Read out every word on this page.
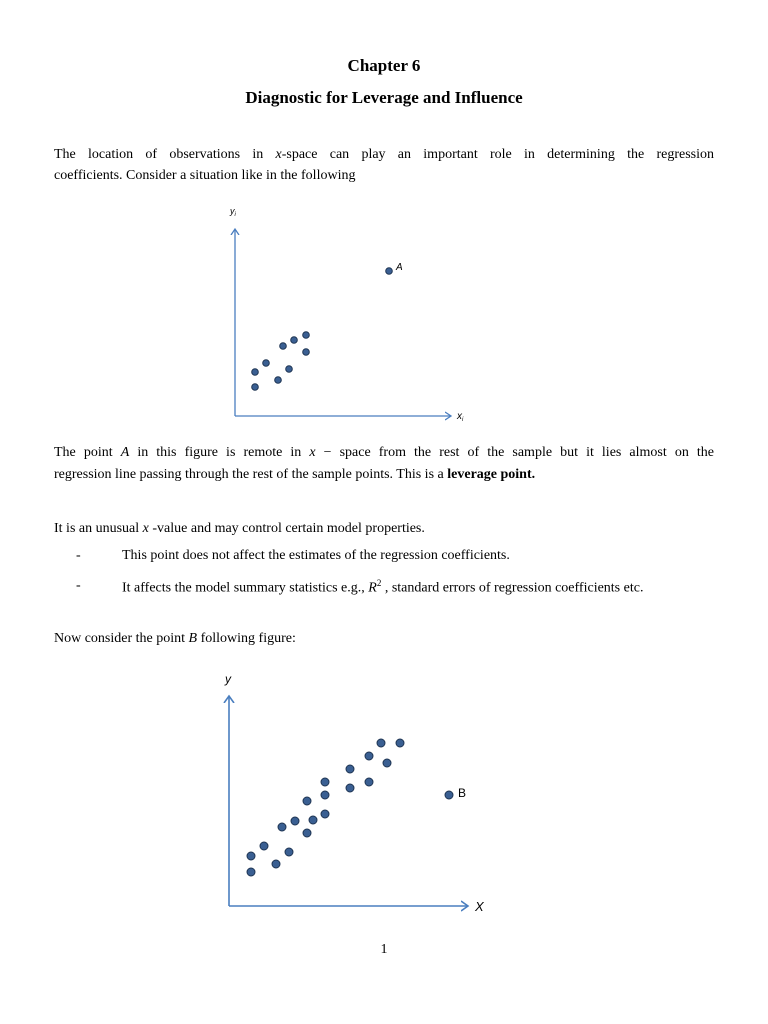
Chapter 6
Diagnostic for Leverage and Influence
The location of observations in x-space can play an important role in determining the regression
coefficients. Consider a situation like in the following
$y_i$
$x_i$
A
y
X
B
The point A in this figure is remote in x − space from the rest of the sample but it lies almost on the
regression line passing through the rest of the sample points. This is a leverage point.
It is an unusual x -value and may control certain model properties.
-	This point does not affect the estimates of the regression coefficients.
-	It affects the model summary statistics e.g., $R^2$ , standard errors of regression coefficients etc.
Now consider the point B following figure:
1
